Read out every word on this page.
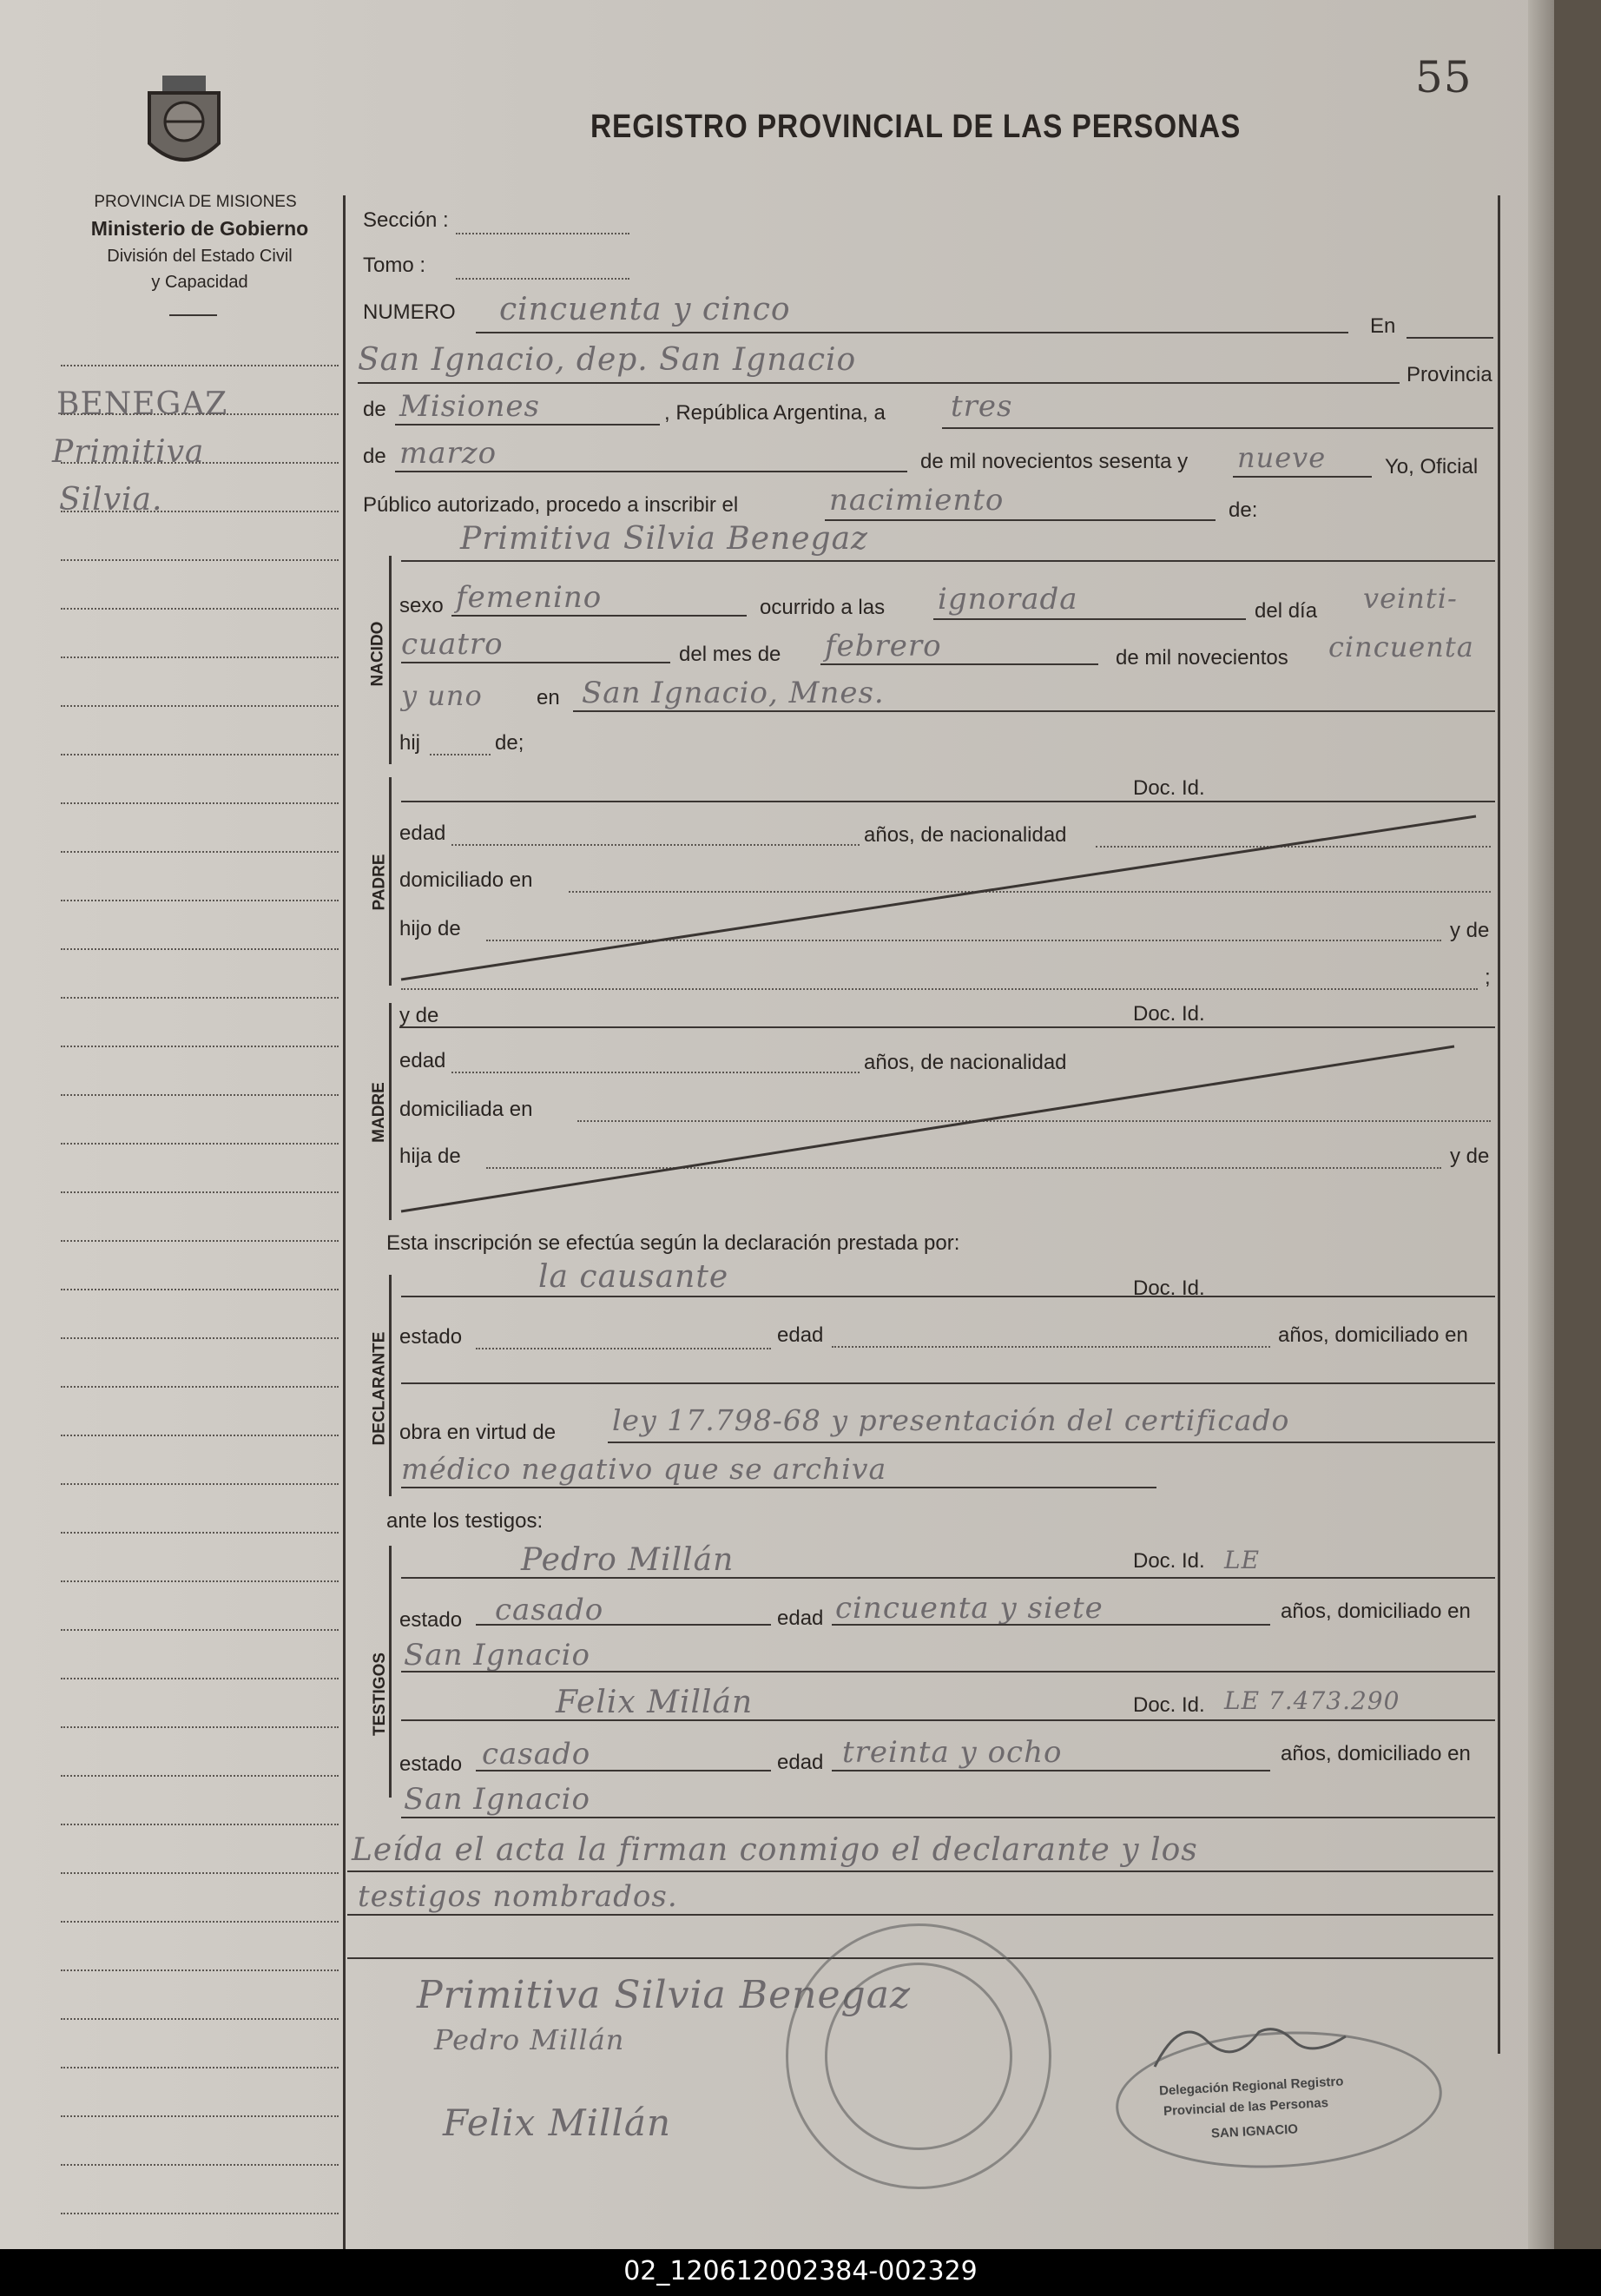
55
REGISTRO PROVINCIAL DE LAS PERSONAS
PROVINCIA DE MISIONES
Ministerio de Gobierno
División del Estado Civil
y Capacidad
BENEGAZ
Primitiva
Silvia.
Sección :
Tomo :
NUMERO cincuenta y cinco	En
San Ignacio, dep. San Ignacio	Provincia
de Misiones	, República Argentina, a tres
de marzo	de mil novecientos sesenta y nueve	Yo, Oficial
Público autorizado, procedo a inscribir el	nacimiento	de:
NACIDO
Primitiva Silvia Benegaz
sexo femenino	ocurrido a las ignorada	del día veinti-
cuatro	del mes de febrero	de mil novecientos cincuenta
y uno	en San Ignacio, Mnes.
hij	de;
PADRE
Doc. Id.
edad	años, de nacionalidad
domiciliado en
hijo de	y de
;
MADRE
y de	Doc. Id.
edad	años, de nacionalidad
domiciliada en
hija de	y de
Esta inscripción se efectúa según la declaración prestada por:
DECLARANTE
la causante	Doc. Id.
estado	edad	años, domiciliado en
obra en virtud de ley 17.798-68 y presentación del certificado
médico negativo que se archiva
ante los testigos:
TESTIGOS
Pedro Millán	Doc. Id. LE
estado casado	edad cincuenta y siete	años, domiciliado en
San Ignacio
Felix Millán	Doc. Id. LE 7.473.290
estado casado	edad treinta y ocho	años, domiciliado en
San Ignacio
Leída el acta la firman conmigo el declarante y los
testigos nombrados.
Primitiva Silvia Benegaz
Pedro Millán
Felix Millán
Delegación Regional Registro
Provincial de las Personas
SAN IGNACIO
02_120612002384-002329
